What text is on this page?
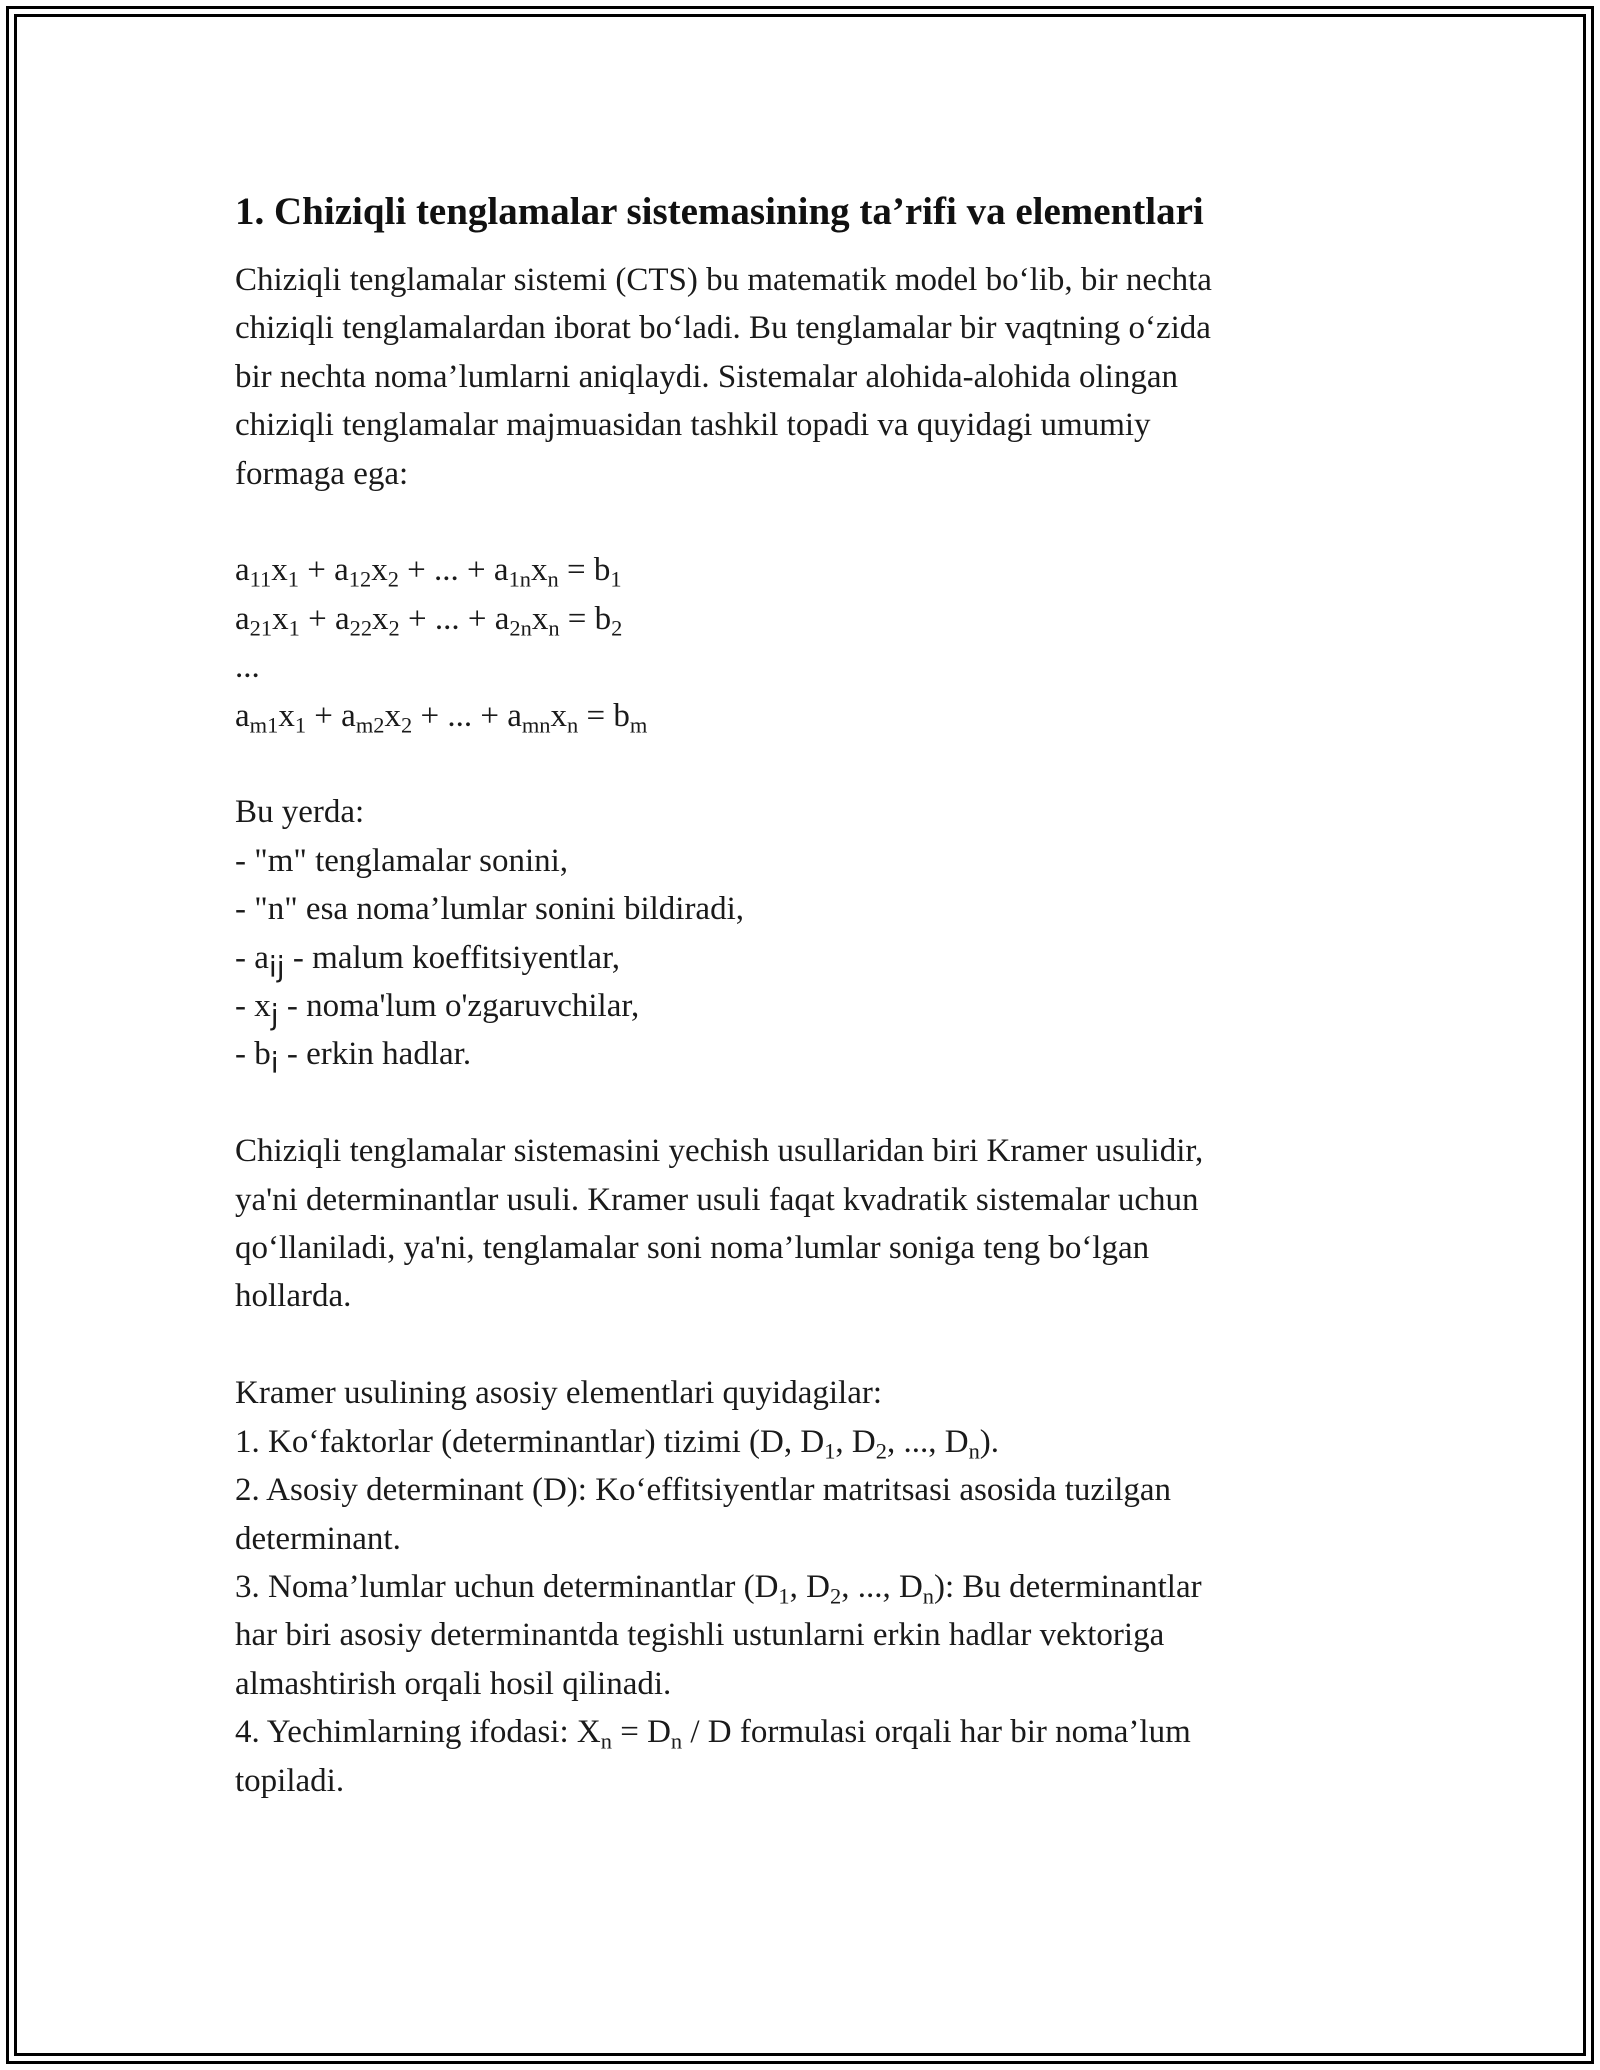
1. Chiziqli tenglamalar sistemasining ta’rifi va elementlari

Chiziqli tenglamalar sistemi (CTS) bu matematik model bo‘lib, bir nechta

chiziqli tenglamalardan iborat bo‘ladi. Bu tenglamalar bir vaqtning o‘zida

bir nechta noma’lumlarni aniqlaydi. Sistemalar alohida-alohida olingan

chiziqli tenglamalar majmuasidan tashkil topadi va quyidagi umumiy

formaga ega:

$a_{11}x_1 + a_{12}x_2$ + ... + $a_{1n}x_n = b_1$

$a_{21}x_1 + a_{22}x_2$ + ... + $a_{2n}x_n = b_2$

...

$a_{m1}x_1 + a_{m2}x_2$ + ... + $a_{mn}x_n = b_m$

Bu yerda:

- "m" tenglamalar sonini,

- "n" esa noma’lumlar sonini bildiradi,

- $a_{ij}$ - malum koeffitsiyentlar,

- $x_j$ - noma'lum o'zgaruvchilar,

- $b_i$ - erkin hadlar.

Chiziqli tenglamalar sistemasini yechish usullaridan biri Kramer usulidir,

ya'ni determinantlar usuli. Kramer usuli faqat kvadratik sistemalar uchun

qo‘llaniladi, ya'ni, tenglamalar soni noma’lumlar soniga teng bo‘lgan

hollarda.

Kramer usulining asosiy elementlari quyidagilar:

1. Ko‘faktorlar (determinantlar) tizimi (D, $D_1$, $D_2$, ..., $D_n$).

2. Asosiy determinant (D): Ko‘effitsiyentlar matritsasi asosida tuzilgan

determinant.

3. Noma’lumlar uchun determinantlar ($D_1$, $D_2$, ..., $D_n$): Bu determinantlar

har biri asosiy determinantda tegishli ustunlarni erkin hadlar vektoriga

almashtirish orqali hosil qilinadi.

4. Yechimlarning ifodasi: $X_n = D_n / D$ formulasi orqali har bir noma’lum

topiladi.
